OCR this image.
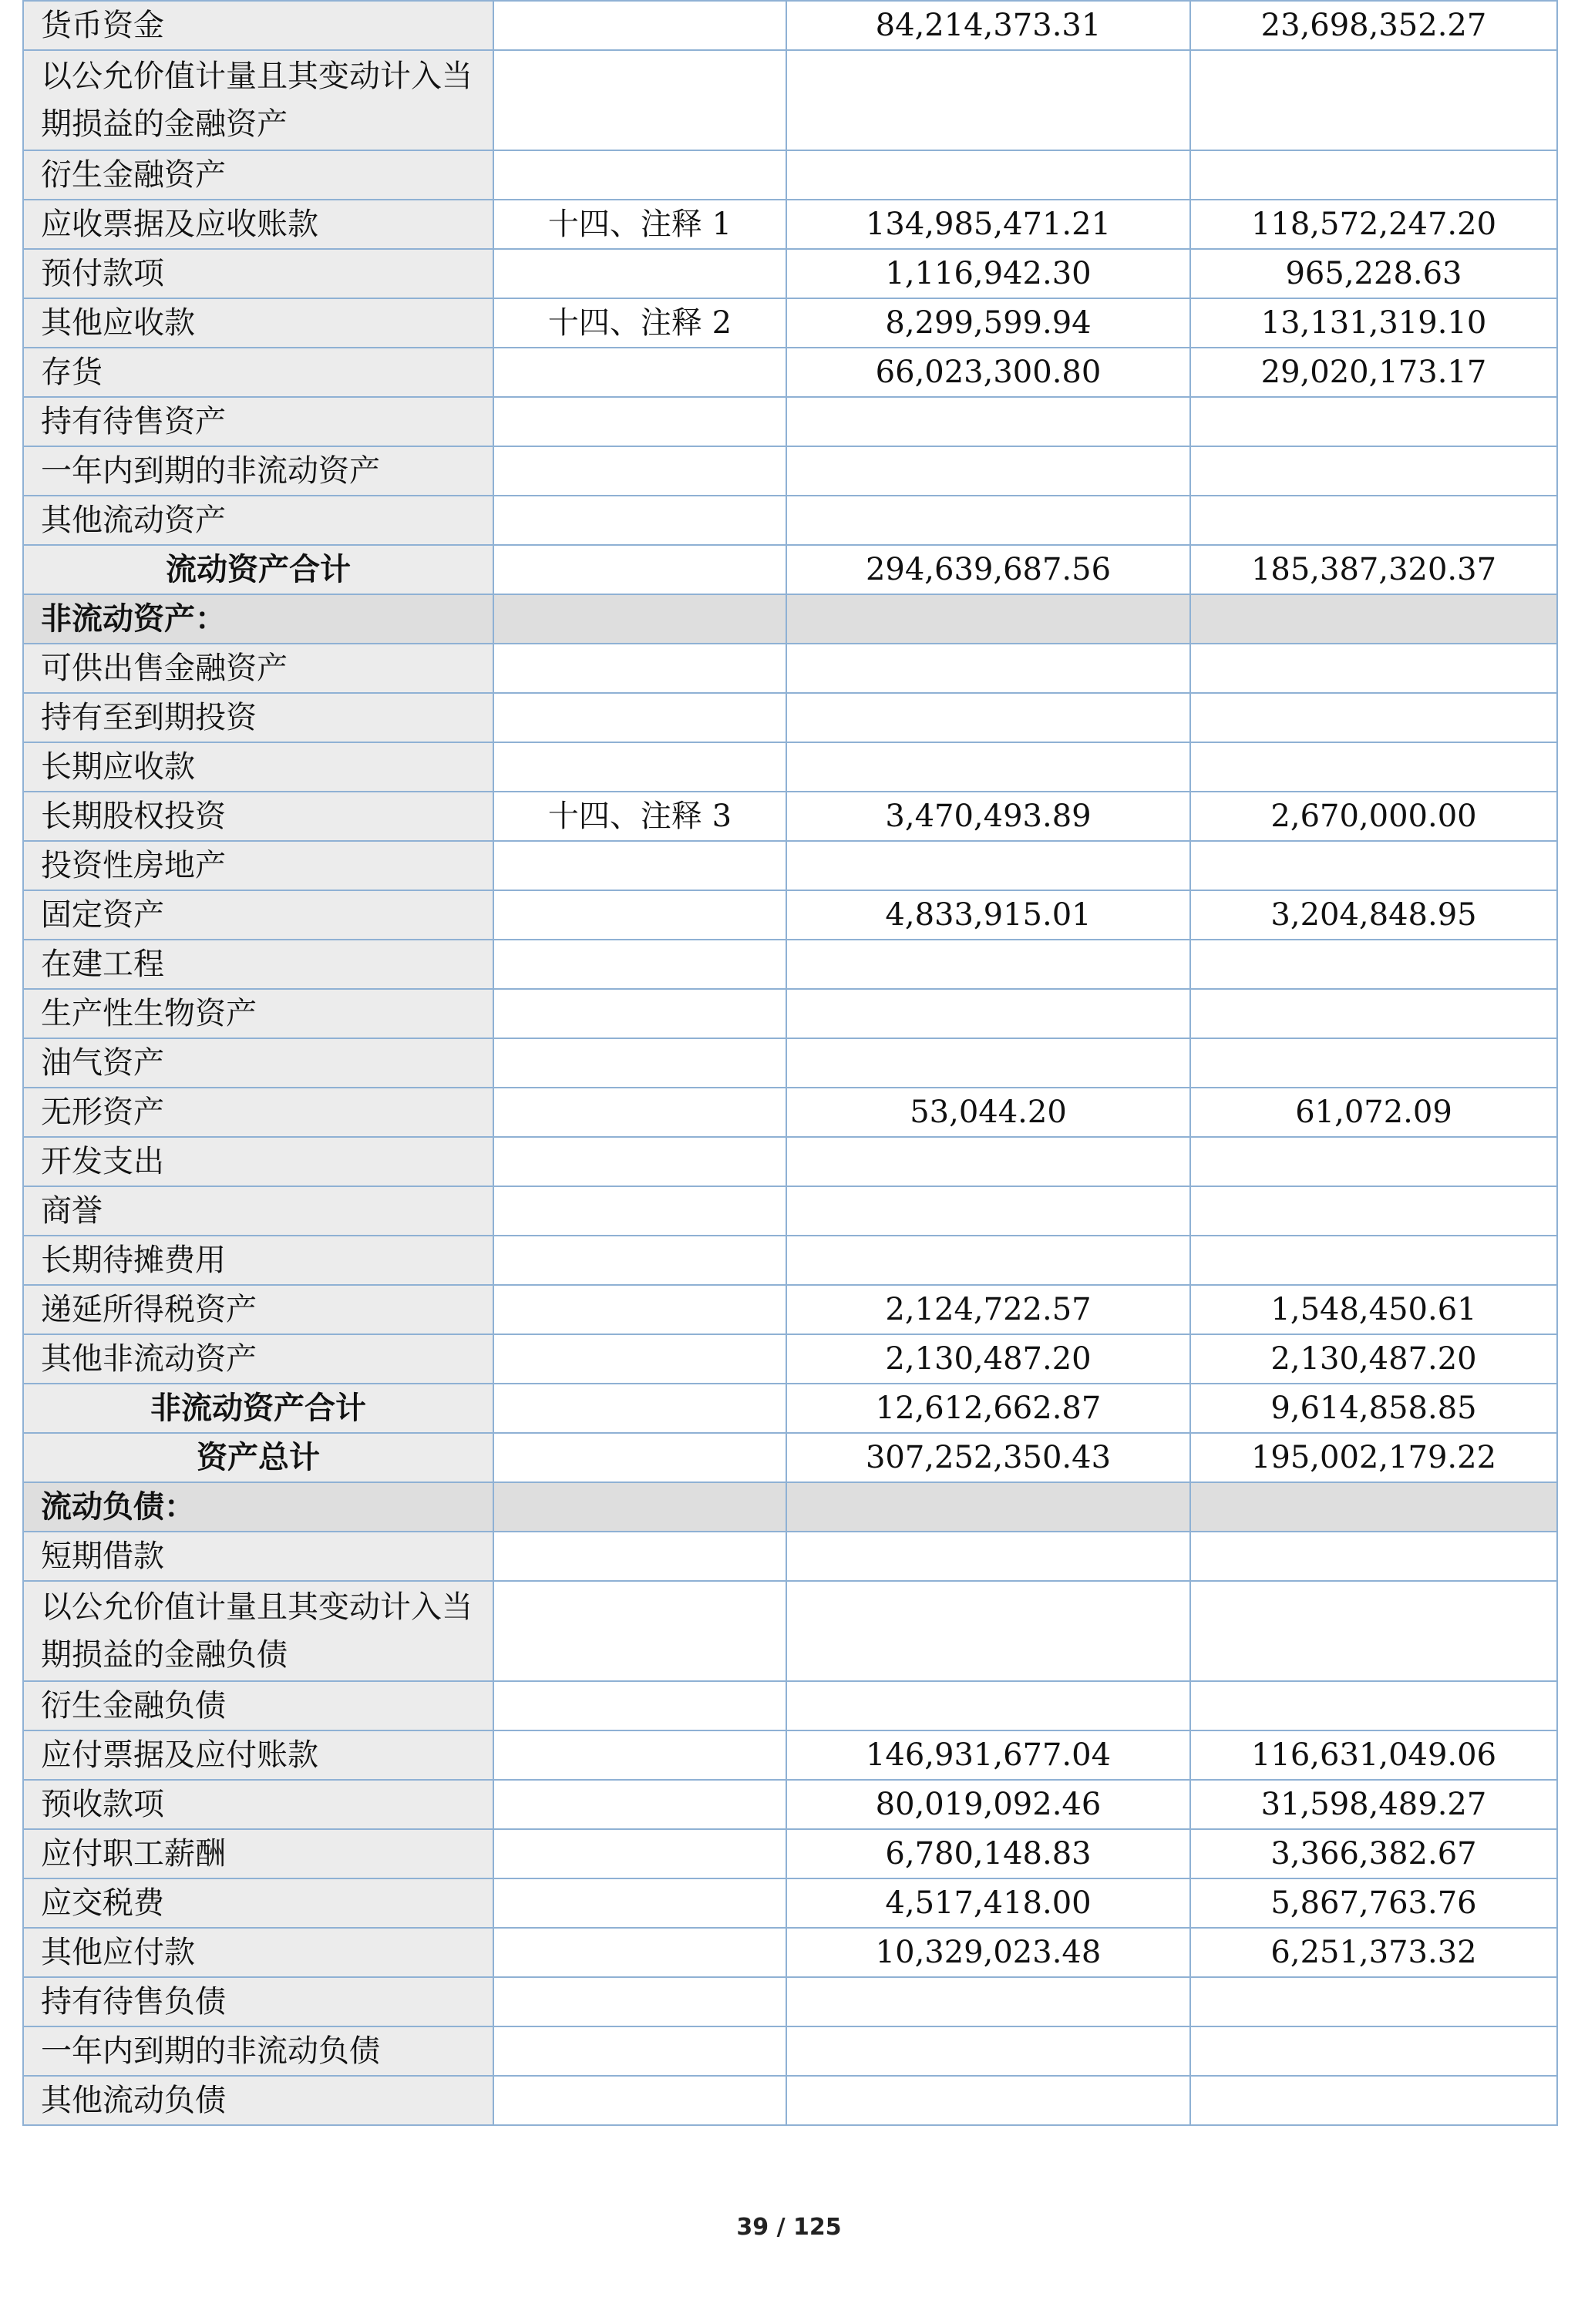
货币资金		84,214,373.31	23,698,352.27
以公允价值计量且其变动计入当期损益的金融资产			
衍生金融资产			
应收票据及应收账款	十四、注释 1	134,985,471.21	118,572,247.20
预付款项		1,116,942.30	965,228.63
其他应收款	十四、注释 2	8,299,599.94	13,131,319.10
存货		66,023,300.80	29,020,173.17
持有待售资产			
一年内到期的非流动资产			
其他流动资产			
流动资产合计		294,639,687.56	185,387,320.37
非流动资产：			
可供出售金融资产			
持有至到期投资			
长期应收款			
长期股权投资	十四、注释 3	3,470,493.89	2,670,000.00
投资性房地产			
固定资产		4,833,915.01	3,204,848.95
在建工程			
生产性生物资产			
油气资产			
无形资产		53,044.20	61,072.09
开发支出			
商誉			
长期待摊费用			
递延所得税资产		2,124,722.57	1,548,450.61
其他非流动资产		2,130,487.20	2,130,487.20
非流动资产合计		12,612,662.87	9,614,858.85
资产总计		307,252,350.43	195,002,179.22
流动负债：			
短期借款			
以公允价值计量且其变动计入当期损益的金融负债			
衍生金融负债			
应付票据及应付账款		146,931,677.04	116,631,049.06
预收款项		80,019,092.46	31,598,489.27
应付职工薪酬		6,780,148.83	3,366,382.67
应交税费		4,517,418.00	5,867,763.76
其他应付款		10,329,023.48	6,251,373.32
持有待售负债			
一年内到期的非流动负债			
其他流动负债			
39 / 125
